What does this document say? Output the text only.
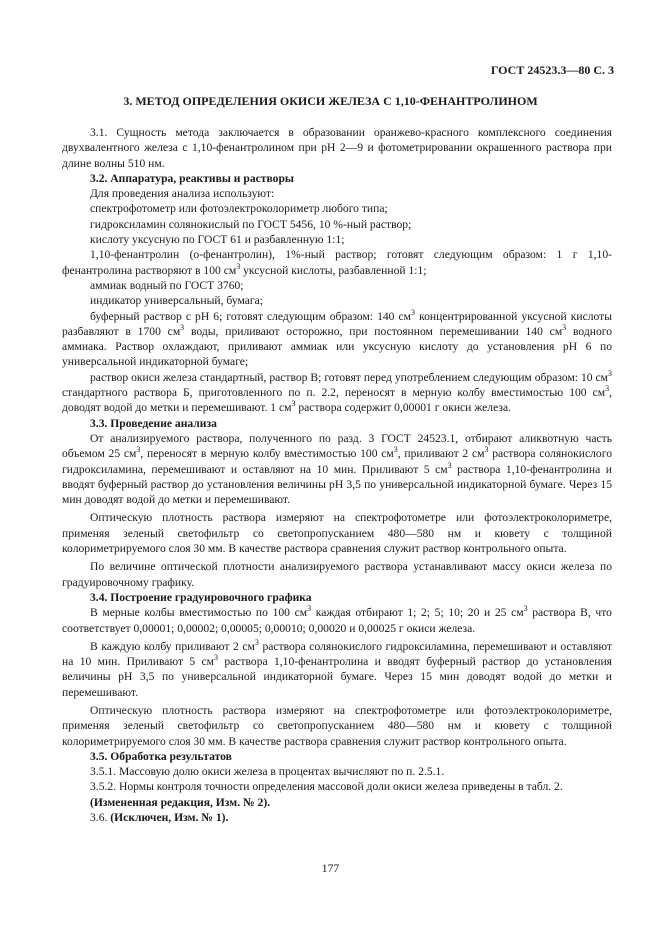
ГОСТ 24523.3—80 С. 3
3. МЕТОД ОПРЕДЕЛЕНИЯ ОКИСИ ЖЕЛЕЗА С 1,10-ФЕНАНТРОЛИНОМ

3.1. Сущность метода заключается в образовании оранжево-красного комплексного соединения двухвалентного железа с 1,10-фенантролином при pH 2—9 и фотометрировании окрашенного раствора при длине волны 510 нм.

3.2. Аппаратура, реактивы и растворы

Для проведения анализа используют:

спектрофотометр или фотоэлектроколориметр любого типа;

гидроксиламин солянокислый по ГОСТ 5456, 10 %-ный раствор;

кислоту уксусную по ГОСТ 61 и разбавленную 1:1;

1,10-фенантролин (о-фенантролин), 1%-ный раствор; готовят следующим образом: 1 г 1,10-фенантролина растворяют в 100 $см^3$ уксусной кислоты, разбавленной 1:1;

аммиак водный по ГОСТ 3760;

индикатор универсальный, бумага;

буферный раствор с pH 6; готовят следующим образом: 140 $см^3$ концентрированной уксусной кислоты разбавляют в 1700 $см^3$ воды, приливают осторожно, при постоянном перемешивании 140 $см^3$ водного аммиака. Раствор охлаждают, приливают аммиак или уксусную кислоту до установления pH 6 по универсальной индикаторной бумаге;

раствор окиси железа стандартный, раствор В; готовят перед употреблением следующим образом: 10 $см^3$ стандартного раствора Б, приготовленного по п. 2.2, переносят в мерную колбу вместимостью 100 $см^3$, доводят водой до метки и перемешивают. 1 $см^3$ раствора содержит 0,00001 г окиси железа.

3.3. Проведение анализа

От анализируемого раствора, полученного по разд. 3 ГОСТ 24523.1, отбирают аликвотную часть объемом 25 $см^3$, переносят в мерную колбу вместимостью 100 $см^3$, приливают 2 $см^3$ раствора солянокислого гидроксиламина, перемешивают и оставляют на 10 мин. Приливают 5 $см^3$ раствора 1,10-фенантролина и вводят буферный раствор до установления величины pH 3,5 по универсальной индикаторной бумаге. Через 15 мин доводят водой до метки и перемешивают.

Оптическую плотность раствора измеряют на спектрофотометре или фотоэлектроколориметре, применяя зеленый светофильтр со светопропусканием 480—580 нм и кювету с толщиной колориметрируемого слоя 30 мм. В качестве раствора сравнения служит раствор контрольного опыта.

По величине оптической плотности анализируемого раствора устанавливают массу окиси железа по градуировочному графику.

3.4. Построение градуировочного графика

В мерные колбы вместимостью по 100 $см^3$ каждая отбирают 1; 2; 5; 10; 20 и 25 $см^3$ раствора В, что соответствует 0,00001; 0,00002; 0,00005; 0,00010; 0,00020 и 0,00025 г окиси железа.

В каждую колбу приливают 2 $см^3$ раствора солянокислого гидроксиламина, перемешивают и оставляют на 10 мин. Приливают 5 $см^3$ раствора 1,10-фенантролина и вводят буферный раствор до установления величины pH 3,5 по универсальной индикаторной бумаге. Через 15 мин доводят водой до метки и перемешивают.

Оптическую плотность раствора измеряют на спектрофотометре или фотоэлектроколориметре, применяя зеленый светофильтр со светопропусканием 480—580 нм и кювету с толщиной колориметрируемого слоя 30 мм. В качестве раствора сравнения служит раствор контрольного опыта.

3.5. Обработка результатов

3.5.1. Массовую долю окиси железа в процентах вычисляют по п. 2.5.1.

3.5.2. Нормы контроля точности определения массовой доли окиси железа приведены в табл. 2.

(Измененная редакция, Изм. № 2).

3.6. (Исключен, Изм. № 1).

177
